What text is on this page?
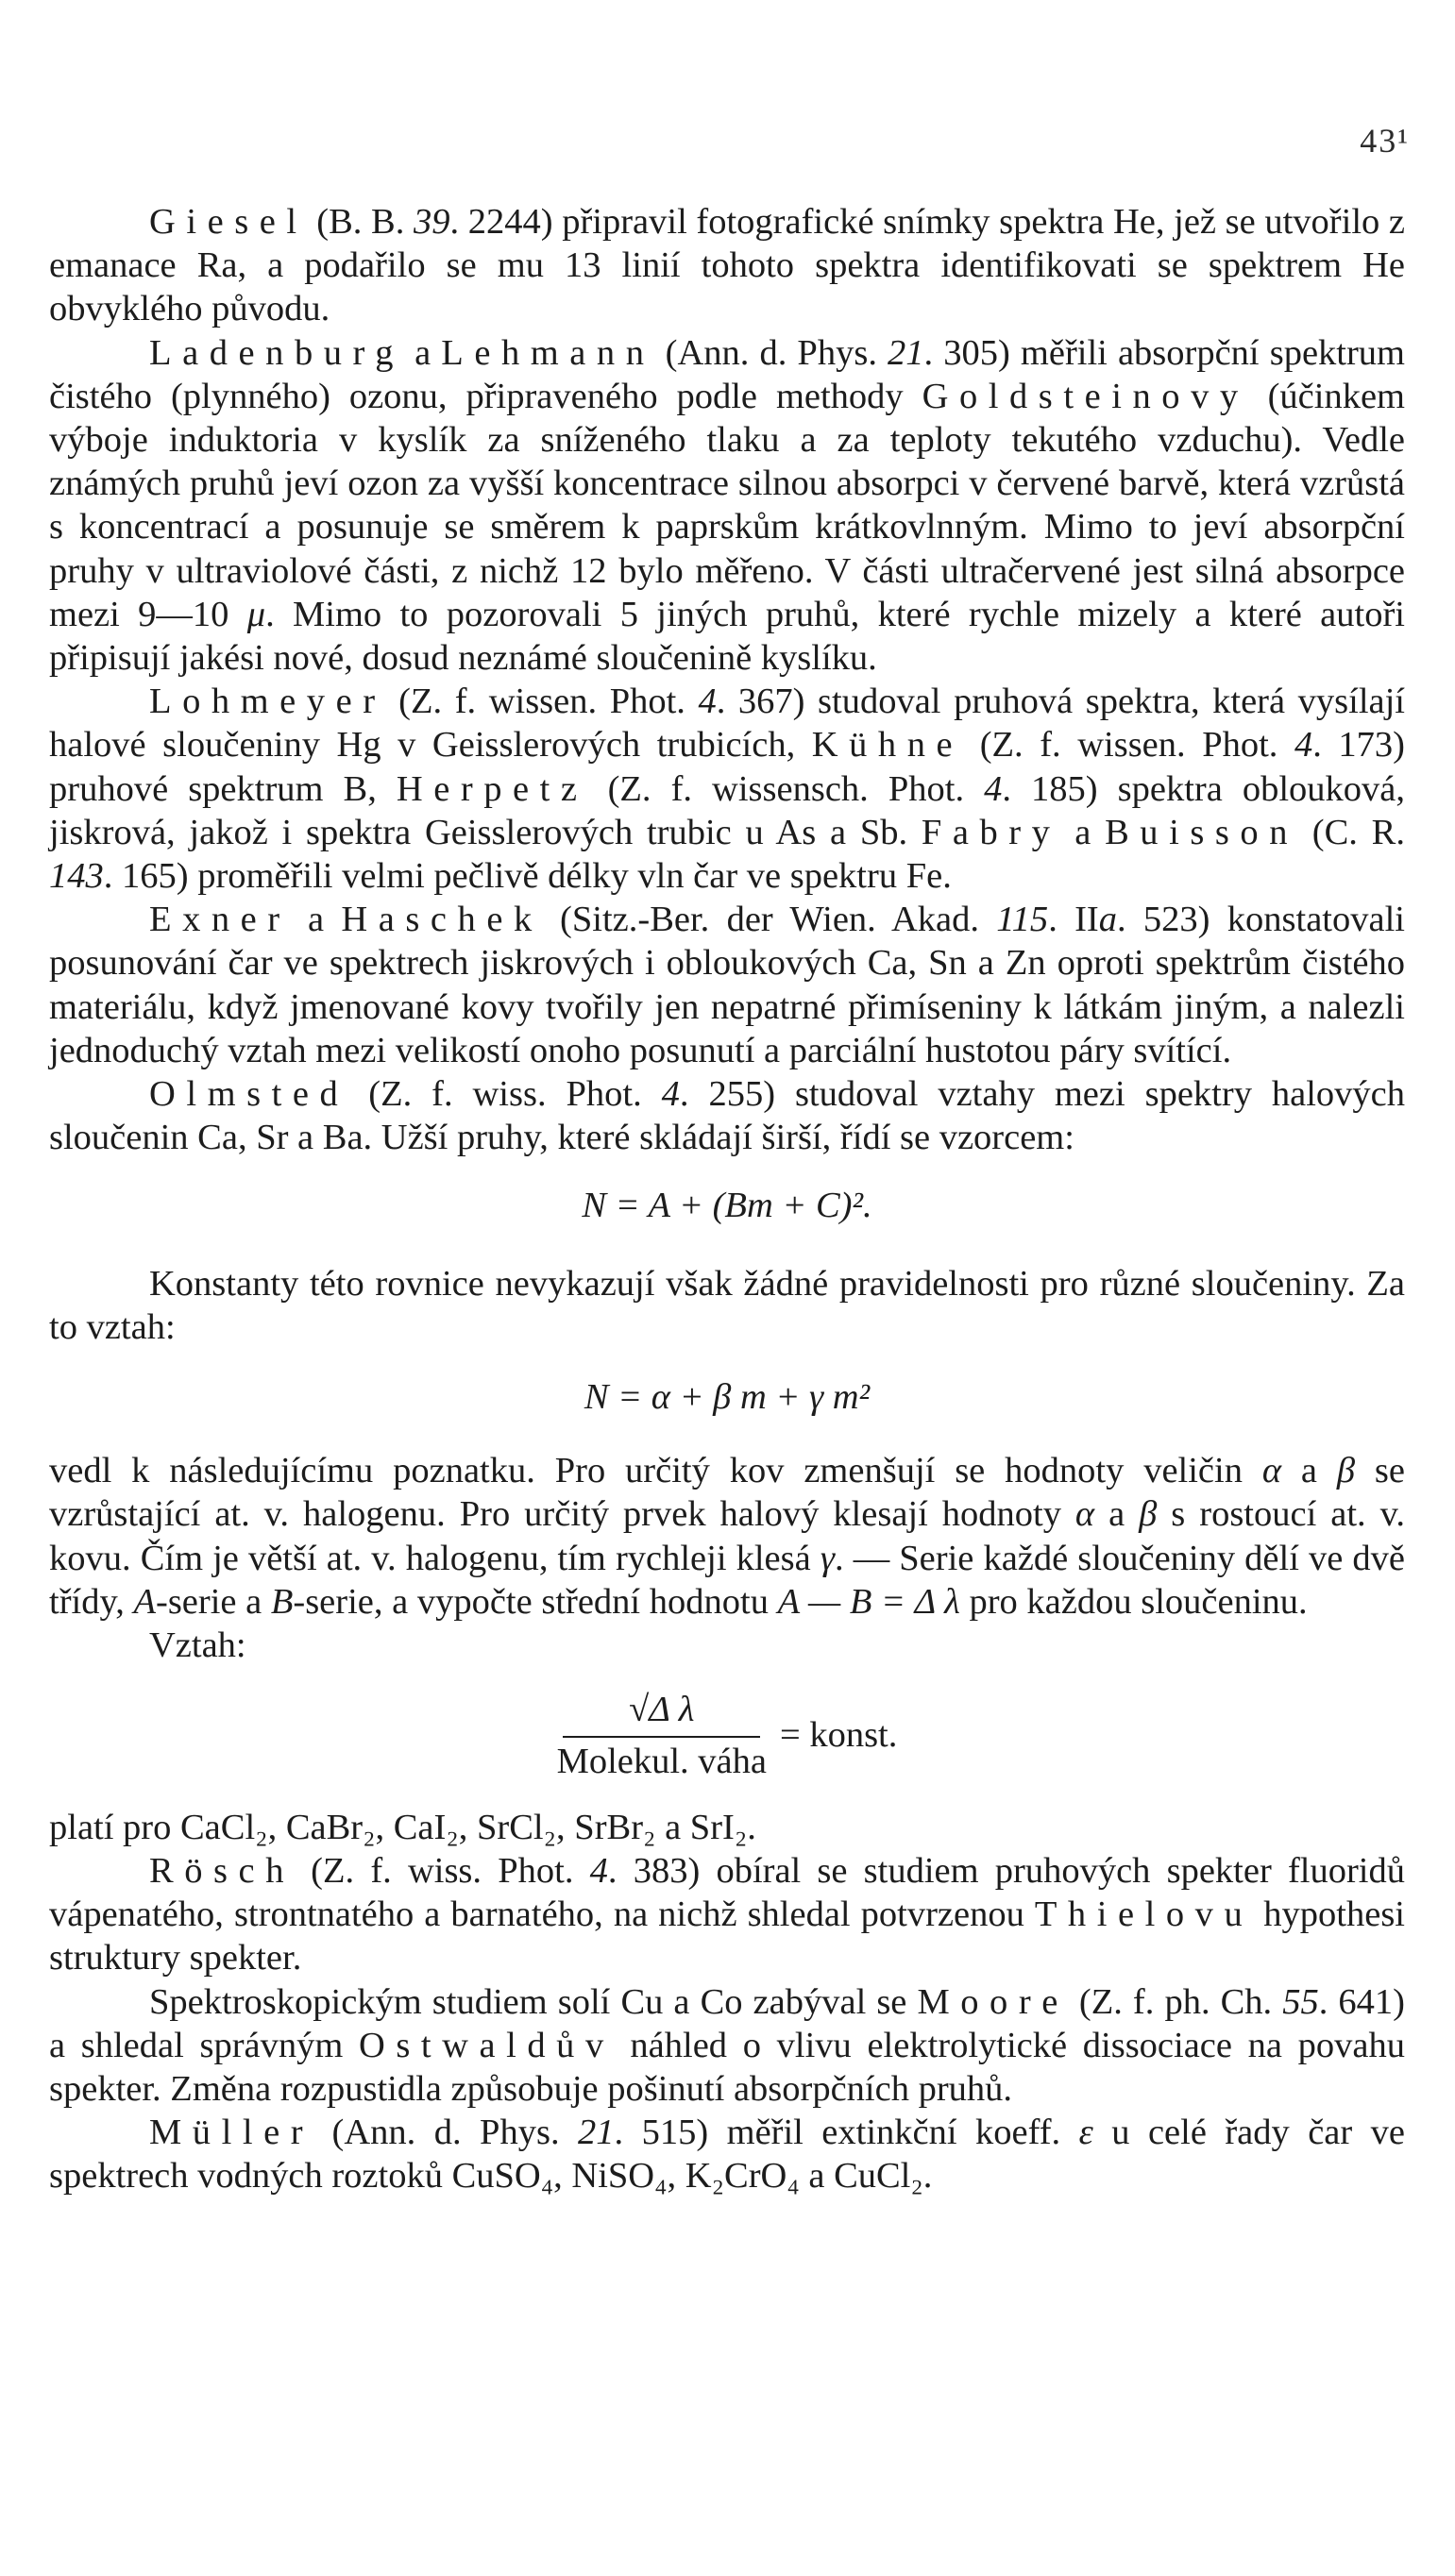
43¹

Giesel (B. B. 39. 2244) připravil fotografické snímky spektra He, jež se utvořilo z emanace Ra, a podařilo se mu 13 linií tohoto spektra identifikovati se spektrem He obvyklého původu.

Ladenburg a Lehmann (Ann. d. Phys. 21. 305) měřili absorpční spektrum čistého (plynného) ozonu, připraveného podle methody Goldsteinovy (účinkem výboje induktoria v kyslík za sníženého tlaku a za teploty tekutého vzduchu). Vedle známých pruhů jeví ozon za vyšší koncentrace silnou absorpci v červené barvě, která vzrůstá s koncentrací a posunuje se směrem k paprskům krátkovlnným. Mimo to jeví absorpční pruhy v ultraviolové části, z nichž 12 bylo měřeno. V části ultračervené jest silná absorpce mezi 9—10 μ. Mimo to pozorovali 5 jiných pruhů, které rychle mizely a které autoři připisují jakési nové, dosud neznámé sloučenině kyslíku.

Lohmeyer (Z. f. wissen. Phot. 4. 367) studoval pruhová spektra, která vysílají halové sloučeniny Hg v Geisslerových trubicích, Kühne (Z. f. wissen. Phot. 4. 173) pruhové spektrum B, Herpetz (Z. f. wissensch. Phot. 4. 185) spektra oblouková, jiskrová, jakož i spektra Geisslerových trubic u As a Sb. Fabry a Buisson (C. R. 143. 165) proměřili velmi pečlivě délky vln čar ve spektru Fe.

Exner a Haschek (Sitz.-Ber. der Wien. Akad. 115. IIa. 523) konstatovali posunování čar ve spektrech jiskrových i obloukových Ca, Sn a Zn oproti spektrům čistého materiálu, když jmenované kovy tvořily jen nepatrné přimíseniny k látkám jiným, a nalezli jednoduchý vztah mezi velikostí onoho posunutí a parciální hustotou páry svítící.

Olmsted (Z. f. wiss. Phot. 4. 255) studoval vztahy mezi spektry halových sloučenin Ca, Sr a Ba. Užší pruhy, které skládají širší, řídí se vzorcem:

N = A + (Bm + C)².

Konstanty této rovnice nevykazují však žádné pravidelnosti pro různé sloučeniny. Za to vztah:

N = α + β m + γ m²

vedl k následujícímu poznatku. Pro určitý kov zmenšují se hodnoty veličin α a β se vzrůstající at. v. halogenu. Pro určitý prvek halový klesají hodnoty α a β s rostoucí at. v. kovu. Čím je větší at. v. halogenu, tím rychleji klesá γ. — Serie každé sloučeniny dělí ve dvě třídy, A-serie a B-serie, a vypočte střední hodnotu A — B = Δ λ pro každou sloučeninu.

Vztah:

$\frac{\text{√Δ λ}}{\text{Molekul. váha}}$ = konst.

platí pro CaCl₂, CaBr₂, CaI₂, SrCl₂, SrBr₂ a SrI₂.

Rösch (Z. f. wiss. Phot. 4. 383) obíral se studiem pruhových spekter fluoridů vápenatého, strontnatého a barnatého, na nichž shledal potvrzenou Thielovu hypothesi struktury spekter.

Spektroskopickým studiem solí Cu a Co zabýval se Moore (Z. f. ph. Ch. 55. 641) a shledal správným Ostwaldův náhled o vlivu elektrolytické dissociace na povahu spekter. Změna rozpustidla způsobuje pošinutí absorpčních pruhů.

Müller (Ann. d. Phys. 21. 515) měřil extinkční koeff. ε u celé řady čar ve spektrech vodných roztoků CuSO₄, NiSO₄, K₂CrO₄ a CuCl₂.
